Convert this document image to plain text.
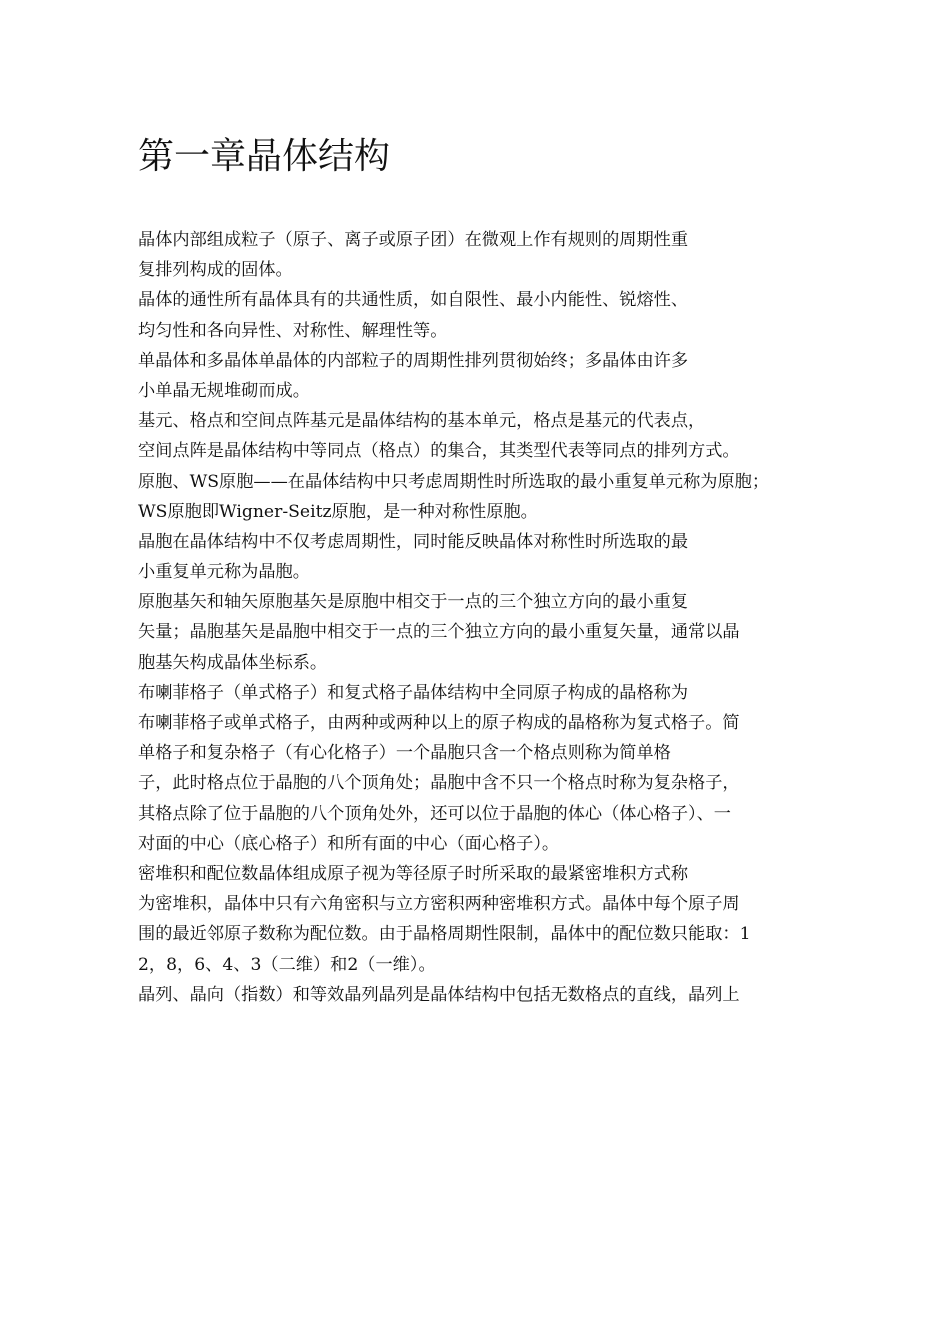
第一章晶体结构
晶体内部组成粒子（原子、离子或原子团）在微观上作有规则的周期性重
复排列构成的固体。
晶体的通性所有晶体具有的共通性质，如自限性、最小内能性、锐熔性、
均匀性和各向异性、对称性、解理性等。
单晶体和多晶体单晶体的内部粒子的周期性排列贯彻始终；多晶体由许多
小单晶无规堆砌而成。
基元、格点和空间点阵基元是晶体结构的基本单元，格点是基元的代表点，
空间点阵是晶体结构中等同点（格点）的集合，其类型代表等同点的排列方式。
原胞、WS原胞——在晶体结构中只考虑周期性时所选取的最小重复单元称为原胞；
WS原胞即Wigner-Seitz原胞，是一种对称性原胞。
晶胞在晶体结构中不仅考虑周期性，同时能反映晶体对称性时所选取的最
小重复单元称为晶胞。
原胞基矢和轴矢原胞基矢是原胞中相交于一点的三个独立方向的最小重复
矢量；晶胞基矢是晶胞中相交于一点的三个独立方向的最小重复矢量，通常以晶
胞基矢构成晶体坐标系。
布喇菲格子（单式格子）和复式格子晶体结构中全同原子构成的晶格称为
布喇菲格子或单式格子，由两种或两种以上的原子构成的晶格称为复式格子。简
单格子和复杂格子（有心化格子）一个晶胞只含一个格点则称为简单格
子，此时格点位于晶胞的八个顶角处；晶胞中含不只一个格点时称为复杂格子，
其格点除了位于晶胞的八个顶角处外，还可以位于晶胞的体心（体心格子）、一
对面的中心（底心格子）和所有面的中心（面心格子）。
密堆积和配位数晶体组成原子视为等径原子时所采取的最紧密堆积方式称
为密堆积，晶体中只有六角密积与立方密积两种密堆积方式。晶体中每个原子周
围的最近邻原子数称为配位数。由于晶格周期性限制，晶体中的配位数只能取：1
2，8，6、4、3（二维）和2（一维）。
晶列、晶向（指数）和等效晶列晶列是晶体结构中包括无数格点的直线，晶列上
